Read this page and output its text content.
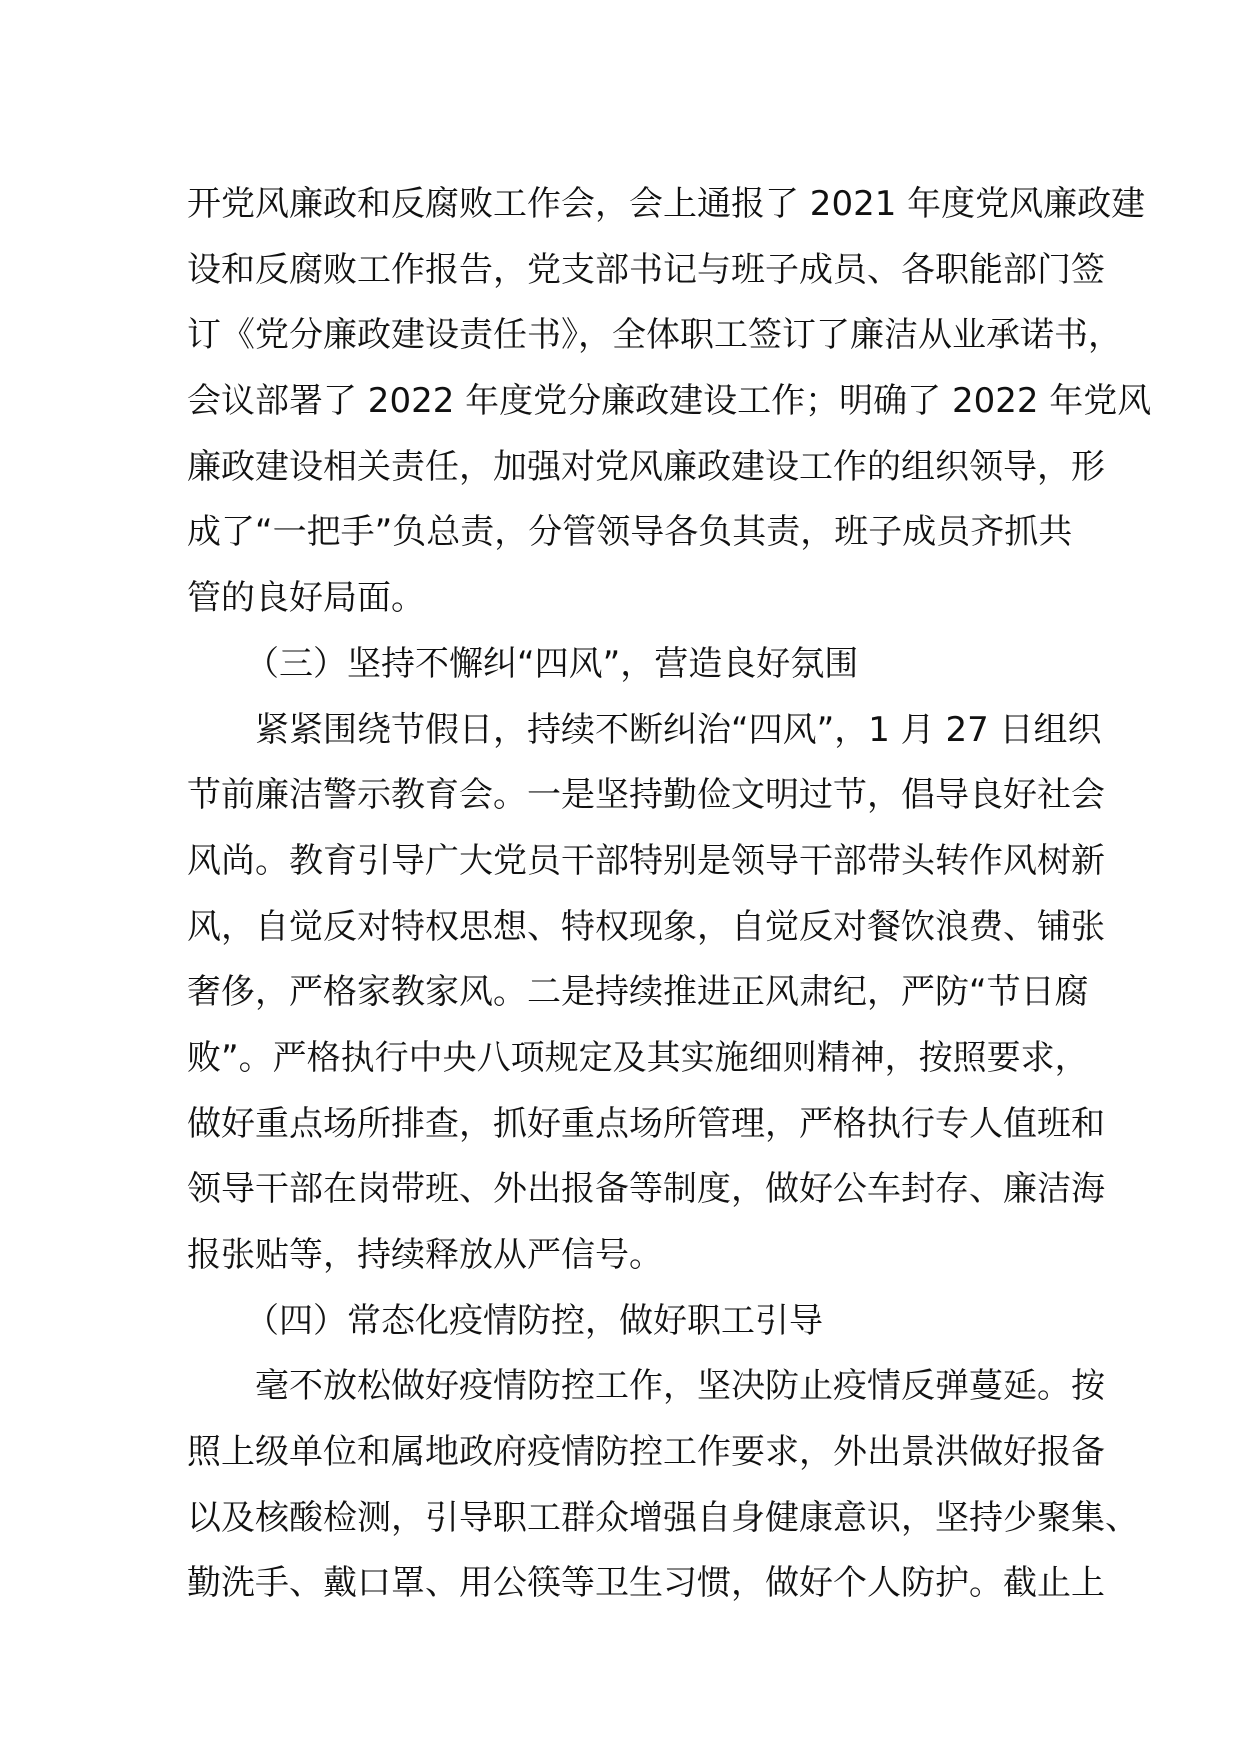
开党风廉政和反腐败工作会，会上通报了 2021 年度党风廉政建
设和反腐败工作报告，党支部书记与班子成员、各职能部门签
订《党分廉政建设责任书》，全体职工签订了廉洁从业承诺书，
会议部署了 2022 年度党分廉政建设工作；明确了 2022 年党风
廉政建设相关责任，加强对党风廉政建设工作的组织领导，形
成了“一把手”负总责，分管领导各负其责，班子成员齐抓共
管的良好局面。
（三）坚持不懈纠“四风”，营造良好氛围
紧紧围绕节假日，持续不断纠治“四风”，1 月 27 日组织
节前廉洁警示教育会。一是坚持勤俭文明过节，倡导良好社会
风尚。教育引导广大党员干部特别是领导干部带头转作风树新
风，自觉反对特权思想、特权现象，自觉反对餐饮浪费、铺张
奢侈，严格家教家风。二是持续推进正风肃纪，严防“节日腐
败”。严格执行中央八项规定及其实施细则精神，按照要求，
做好重点场所排查，抓好重点场所管理，严格执行专人值班和
领导干部在岗带班、外出报备等制度，做好公车封存、廉洁海
报张贴等，持续释放从严信号。
（四）常态化疫情防控，做好职工引导
毫不放松做好疫情防控工作，坚决防止疫情反弹蔓延。按
照上级单位和属地政府疫情防控工作要求，外出景洪做好报备
以及核酸检测，引导职工群众增强自身健康意识，坚持少聚集、
勤洗手、戴口罩、用公筷等卫生习惯，做好个人防护。截止上
